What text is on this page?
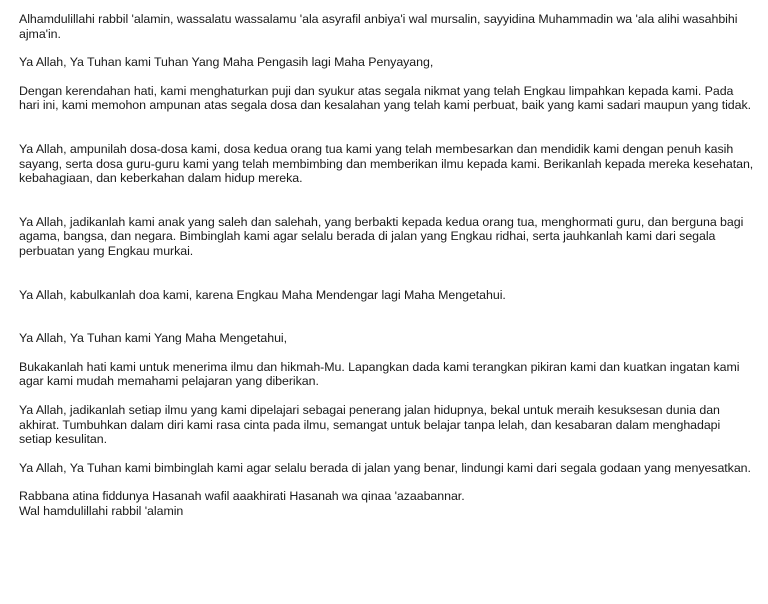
Alhamdulillahi rabbil 'alamin, wassalatu wassalamu 'ala asyrafil anbiya'i wal mursalin, sayyidina Muhammadin wa 'ala alihi wasahbihi ajma'in.

Ya Allah, Ya Tuhan kami Tuhan Yang Maha Pengasih lagi Maha Penyayang,

Dengan kerendahan hati, kami menghaturkan puji dan syukur atas segala nikmat yang telah Engkau limpahkan kepada kami. Pada hari ini, kami memohon ampunan atas segala dosa dan kesalahan yang telah kami perbuat, baik yang kami sadari maupun yang tidak.

Ya Allah, ampunilah dosa-dosa kami, dosa kedua orang tua kami yang telah membesarkan dan mendidik kami dengan penuh kasih sayang, serta dosa guru-guru kami yang telah membimbing dan memberikan ilmu kepada kami. Berikanlah kepada mereka kesehatan, kebahagiaan, dan keberkahan dalam hidup mereka.

Ya Allah, jadikanlah kami anak yang saleh dan salehah, yang berbakti kepada kedua orang tua, menghormati guru, dan berguna bagi agama, bangsa, dan negara. Bimbinglah kami agar selalu berada di jalan yang Engkau ridhai, serta jauhkanlah kami dari segala perbuatan yang Engkau murkai.

Ya Allah, kabulkanlah doa kami, karena Engkau Maha Mendengar lagi Maha Mengetahui.

Ya Allah, Ya Tuhan kami Yang Maha Mengetahui,

Bukakanlah hati kami untuk menerima ilmu dan hikmah-Mu. Lapangkan dada kami terangkan pikiran kami dan kuatkan ingatan kami agar kami mudah memahami pelajaran yang diberikan.

Ya Allah, jadikanlah setiap ilmu yang kami dipelajari sebagai penerang jalan hidupnya, bekal untuk meraih kesuksesan dunia dan akhirat. Tumbuhkan dalam diri kami rasa cinta pada ilmu, semangat untuk belajar tanpa lelah, dan kesabaran dalam menghadapi setiap kesulitan.

Ya Allah, Ya Tuhan kami bimbinglah kami agar selalu berada di jalan yang benar, lindungi kami dari segala godaan yang menyesatkan.

Rabbana atina fiddunya Hasanah wafil aaakhirati Hasanah wa qinaa 'azaabannar.

Wal hamdulillahi rabbil 'alamin
